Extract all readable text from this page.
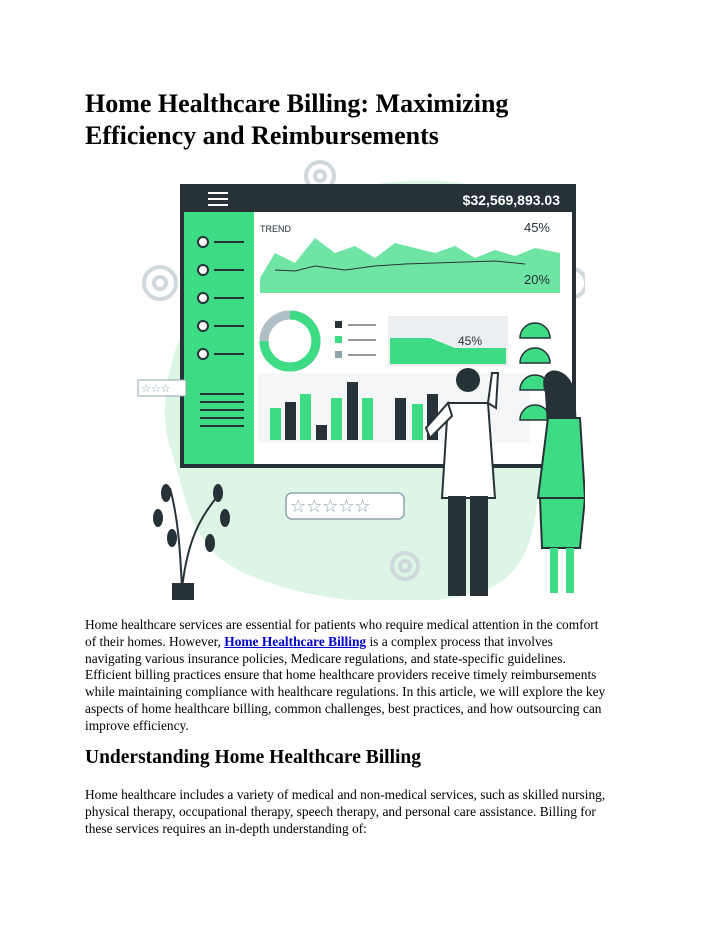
Home Healthcare Billing: Maximizing
Efficiency and Reimbursements
$32,569,893.03
TREND	45%
20%
45%
☆☆☆
☆☆☆☆☆
Home healthcare services are essential for patients who require medical attention in the comfort
of their homes. However, Home Healthcare Billing is a complex process that involves
navigating various insurance policies, Medicare regulations, and state-specific guidelines.
Efficient billing practices ensure that home healthcare providers receive timely reimbursements
while maintaining compliance with healthcare regulations. In this article, we will explore the key
aspects of home healthcare billing, common challenges, best practices, and how outsourcing can
improve efficiency.
Understanding Home Healthcare Billing
Home healthcare includes a variety of medical and non-medical services, such as skilled nursing,
physical therapy, occupational therapy, speech therapy, and personal care assistance. Billing for
these services requires an in-depth understanding of:
